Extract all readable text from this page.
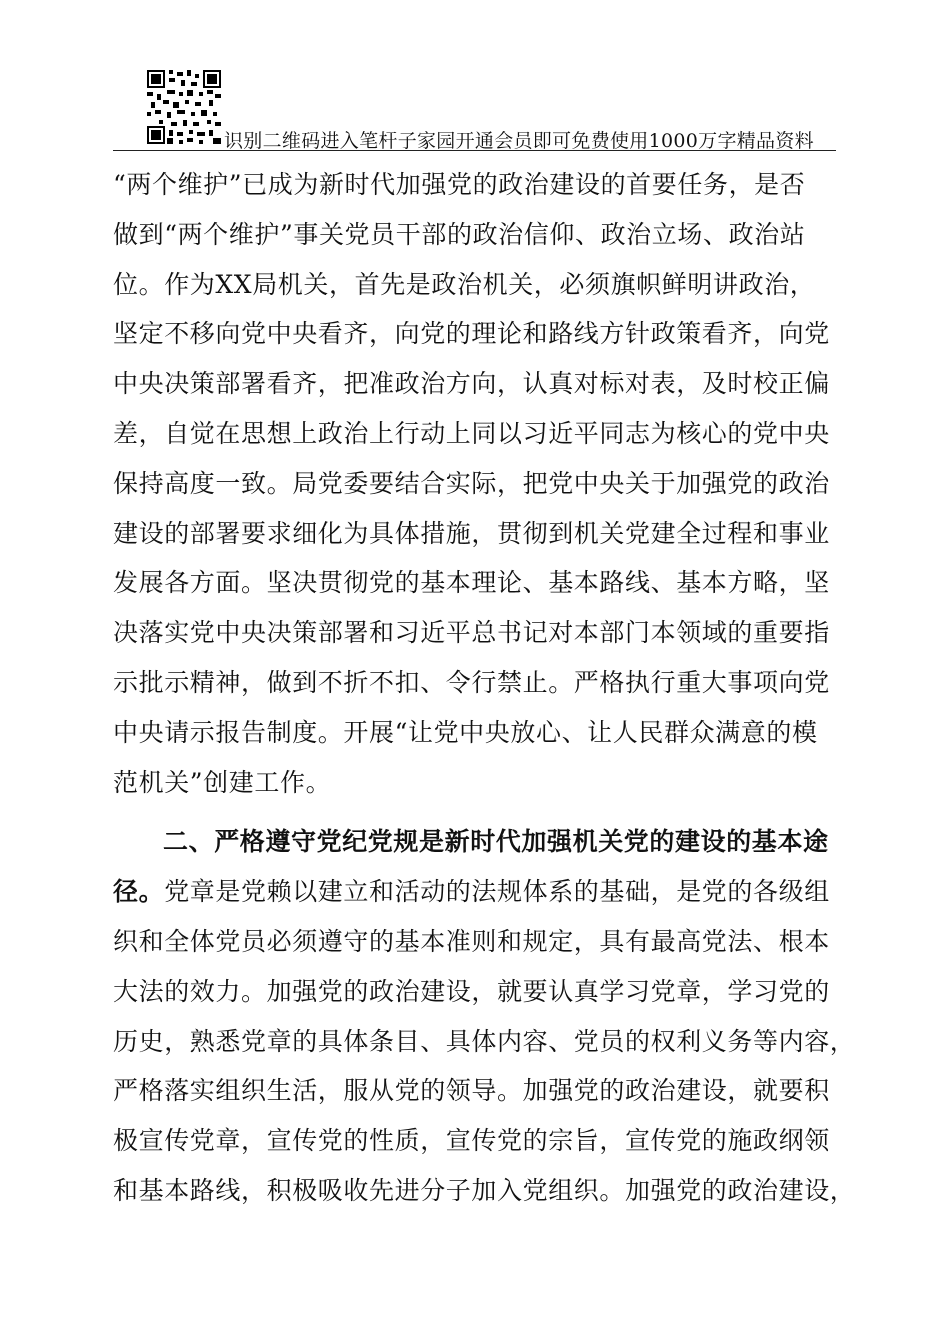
识别二维码进入笔杆子家园开通会员即可免费使用1000万字精品资料
“两个维护”已成为新时代加强党的政治建设的首要任务，是否
做到“两个维护”事关党员干部的政治信仰、政治立场、政治站
位。作为XX局机关，首先是政治机关，必须旗帜鲜明讲政治，
坚定不移向党中央看齐，向党的理论和路线方针政策看齐，向党
中央决策部署看齐，把准政治方向，认真对标对表，及时校正偏
差，自觉在思想上政治上行动上同以习近平同志为核心的党中央
保持高度一致。局党委要结合实际，把党中央关于加强党的政治
建设的部署要求细化为具体措施，贯彻到机关党建全过程和事业
发展各方面。坚决贯彻党的基本理论、基本路线、基本方略，坚
决落实党中央决策部署和习近平总书记对本部门本领域的重要指
示批示精神，做到不折不扣、令行禁止。严格执行重大事项向党
中央请示报告制度。开展“让党中央放心、让人民群众满意的模
范机关”创建工作。
二、严格遵守党纪党规是新时代加强机关党的建设的基本途
径。党章是党赖以建立和活动的法规体系的基础，是党的各级组
织和全体党员必须遵守的基本准则和规定，具有最高党法、根本
大法的效力。加强党的政治建设，就要认真学习党章，学习党的
历史，熟悉党章的具体条目、具体内容、党员的权利义务等内容，
严格落实组织生活，服从党的领导。加强党的政治建设，就要积
极宣传党章，宣传党的性质，宣传党的宗旨，宣传党的施政纲领
和基本路线，积极吸收先进分子加入党组织。加强党的政治建设，
